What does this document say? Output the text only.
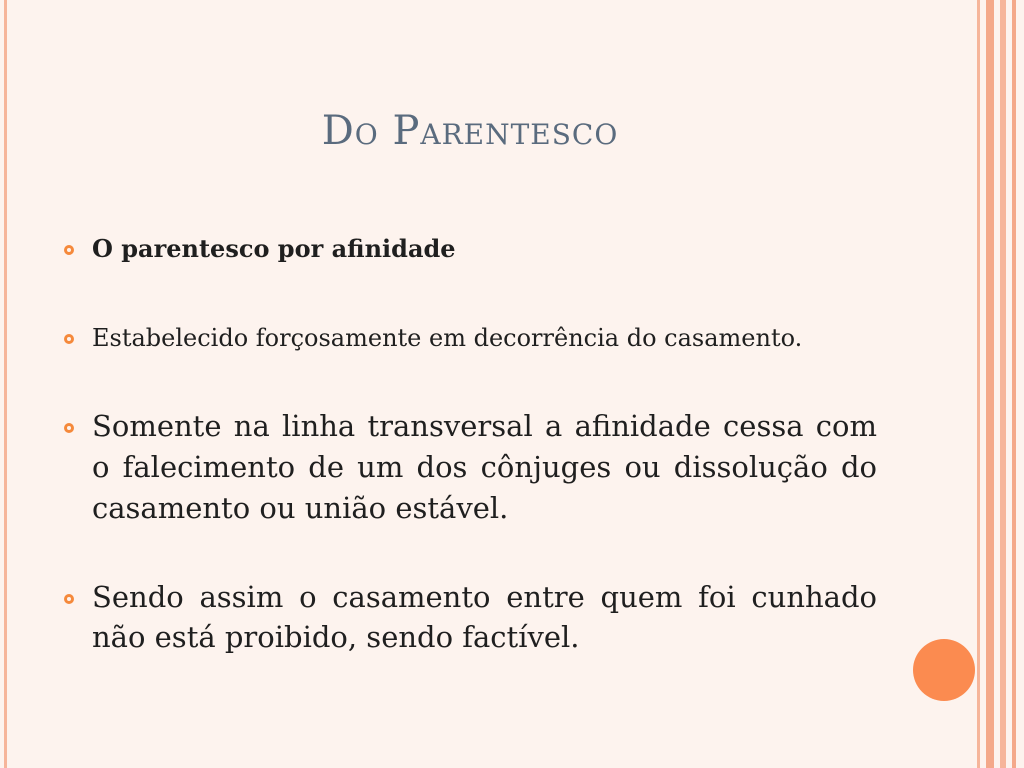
Do Parentesco
O parentesco por afinidade
Estabelecido forçosamente em decorrência do casamento.
Somente na linha transversal a afinidade cessa com o falecimento de um dos cônjuges ou dissolução do casamento ou união estável.
Sendo assim o casamento entre quem foi cunhado não está proibido, sendo factível.
